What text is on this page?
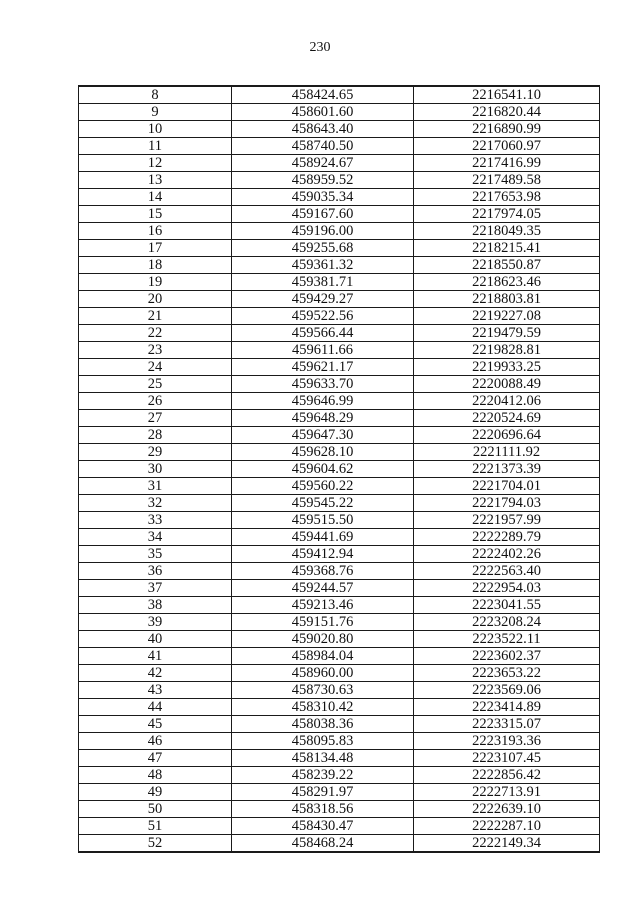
230
8	458424.65	2216541.10
9	458601.60	2216820.44
10	458643.40	2216890.99
11	458740.50	2217060.97
12	458924.67	2217416.99
13	458959.52	2217489.58
14	459035.34	2217653.98
15	459167.60	2217974.05
16	459196.00	2218049.35
17	459255.68	2218215.41
18	459361.32	2218550.87
19	459381.71	2218623.46
20	459429.27	2218803.81
21	459522.56	2219227.08
22	459566.44	2219479.59
23	459611.66	2219828.81
24	459621.17	2219933.25
25	459633.70	2220088.49
26	459646.99	2220412.06
27	459648.29	2220524.69
28	459647.30	2220696.64
29	459628.10	2221111.92
30	459604.62	2221373.39
31	459560.22	2221704.01
32	459545.22	2221794.03
33	459515.50	2221957.99
34	459441.69	2222289.79
35	459412.94	2222402.26
36	459368.76	2222563.40
37	459244.57	2222954.03
38	459213.46	2223041.55
39	459151.76	2223208.24
40	459020.80	2223522.11
41	458984.04	2223602.37
42	458960.00	2223653.22
43	458730.63	2223569.06
44	458310.42	2223414.89
45	458038.36	2223315.07
46	458095.83	2223193.36
47	458134.48	2223107.45
48	458239.22	2222856.42
49	458291.97	2222713.91
50	458318.56	2222639.10
51	458430.47	2222287.10
52	458468.24	2222149.34
